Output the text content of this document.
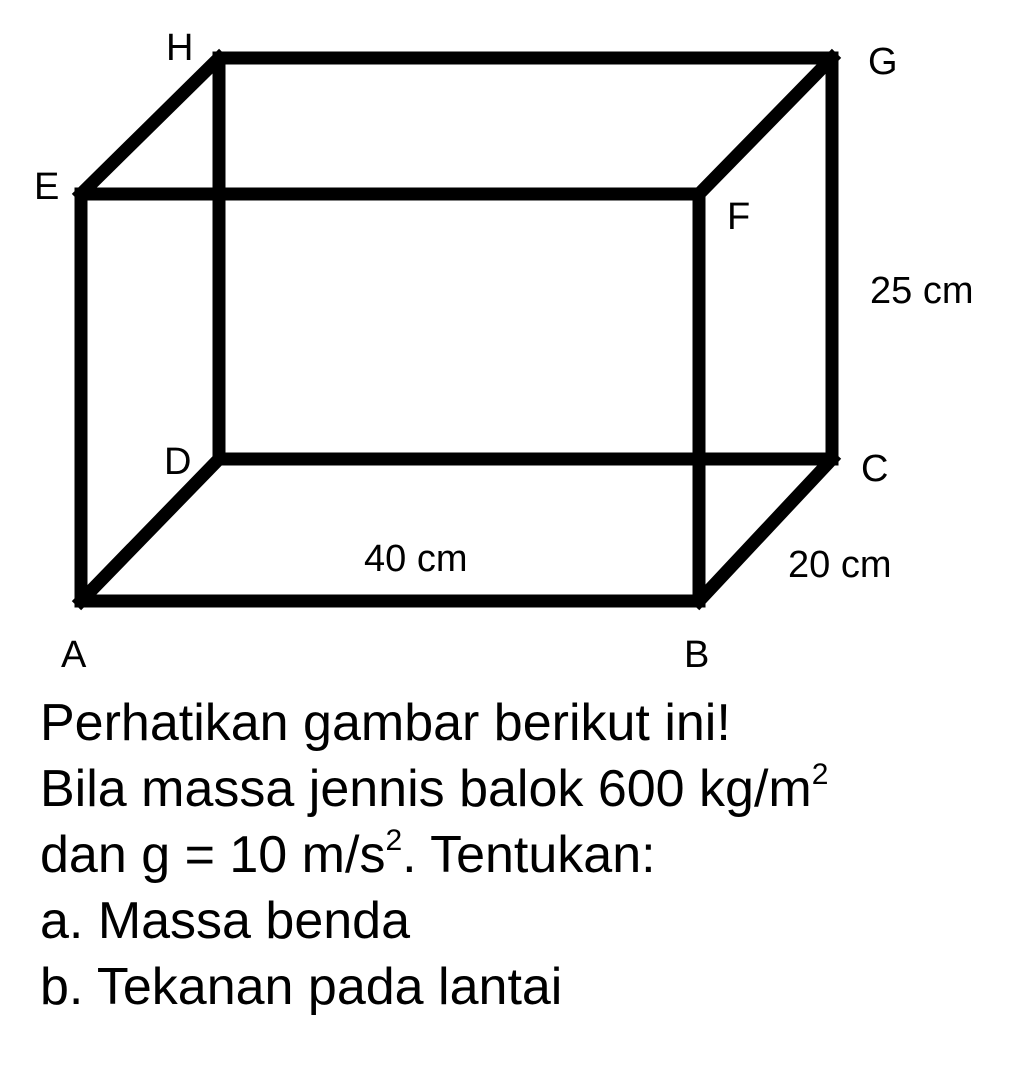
H	G
E
F
D	C
A	B
25 cm
40 cm	20 cm
Perhatikan gambar berikut ini!
Bila massa jennis balok 600 $kg/m^2$
dan g = 10 $m/s^2$. Tentukan:
a. Massa benda
b. Tekanan pada lantai
